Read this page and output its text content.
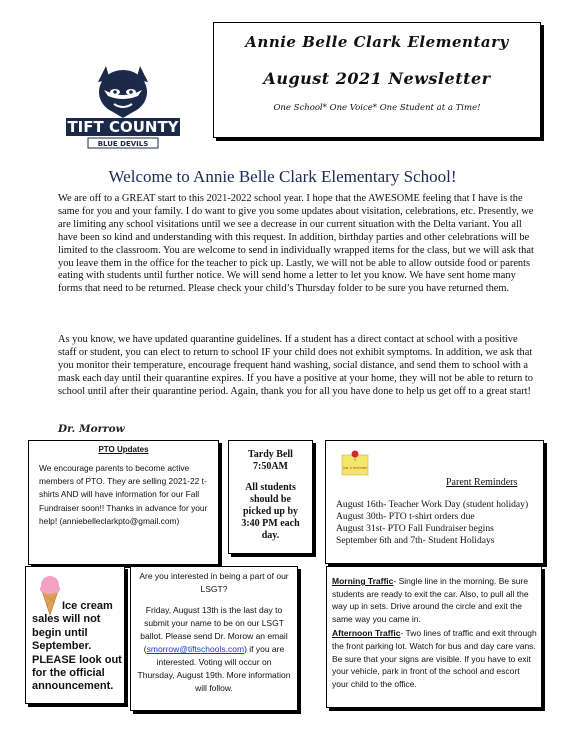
TIFT COUNTY
BLUE DEVILS
Annie Belle Clark Elementary
August 2021 Newsletter
One School* One Voice* One Student at a Time!
Welcome to Annie Belle Clark Elementary School!
We are off to a GREAT start to this 2021-2022 school year. I hope that the AWESOME feeling that I have is the same for you and your family. I do want to give you some updates about visitation, celebrations, etc. Presently, we are limiting any school visitations until we see a decrease in our current situation with the Delta variant. You all have been so kind and understanding with this request. In addition, birthday parties and other celebrations will be limited to the classroom. You are welcome to send in individually wrapped items for the class, but we will ask that you leave them in the office for the teacher to pick up. Lastly, we will not be able to allow outside food or parents eating with students until further notice. We will send home a letter to let you know. We have sent home many forms that need to be returned. Please check your child’s Thursday folder to be sure you have returned them.
As you know, we have updated quarantine guidelines. If a student has a direct contact at school with a positive staff or student, you can elect to return to school IF your child does not exhibit symptoms. In addition, we ask that you monitor their temperature, encourage frequent hand washing, social distance, and send them to school with a mask each day until their quarantine expires. If you have a positive at your home, they will not be able to return to school until after their quarantine period. Again, thank you for all you have done to help us get off to a great start!
Dr. Morrow
PTO Updates
We encourage parents to become active members of PTO. They are selling 2021-22 t-shirts AND will have information for our Fall Fundraiser soon!! Thanks in advance for your help! (anniebelleclarkpto@gmail.com)
Tardy Bell
7:50AM
All students should be picked up by 3:40 PM each day.
Just a reminder
Parent Reminders
August 16th- Teacher Work Day (student holiday)
August 30th- PTO t-shirt orders due
August 31st- PTO Fall Fundraiser begins
September 6th and 7th- Student Holidays
Ice cream sales will not begin until September. PLEASE look out for the official announcement.
Are you interested in being a part of our LSGT?
Friday, August 13th is the last day to submit your name to be on our LSGT ballot. Please send Dr. Morow an email (smorrow@tiftschools.com) if you are interested. Voting will occur on Thursday, August 19th. More information will follow.

Morning Traffic- Single line in the morning. Be sure students are ready to exit the car. Also, to pull all the way up in sets. Drive around the circle and exit the same way you came in.

Afternoon Traffic- Two lines of traffic and exit through the front parking lot. Watch for bus and day care vans. Be sure that your signs are visible. If you have to exit your vehicle, park in front of the school and escort your child to the office.
